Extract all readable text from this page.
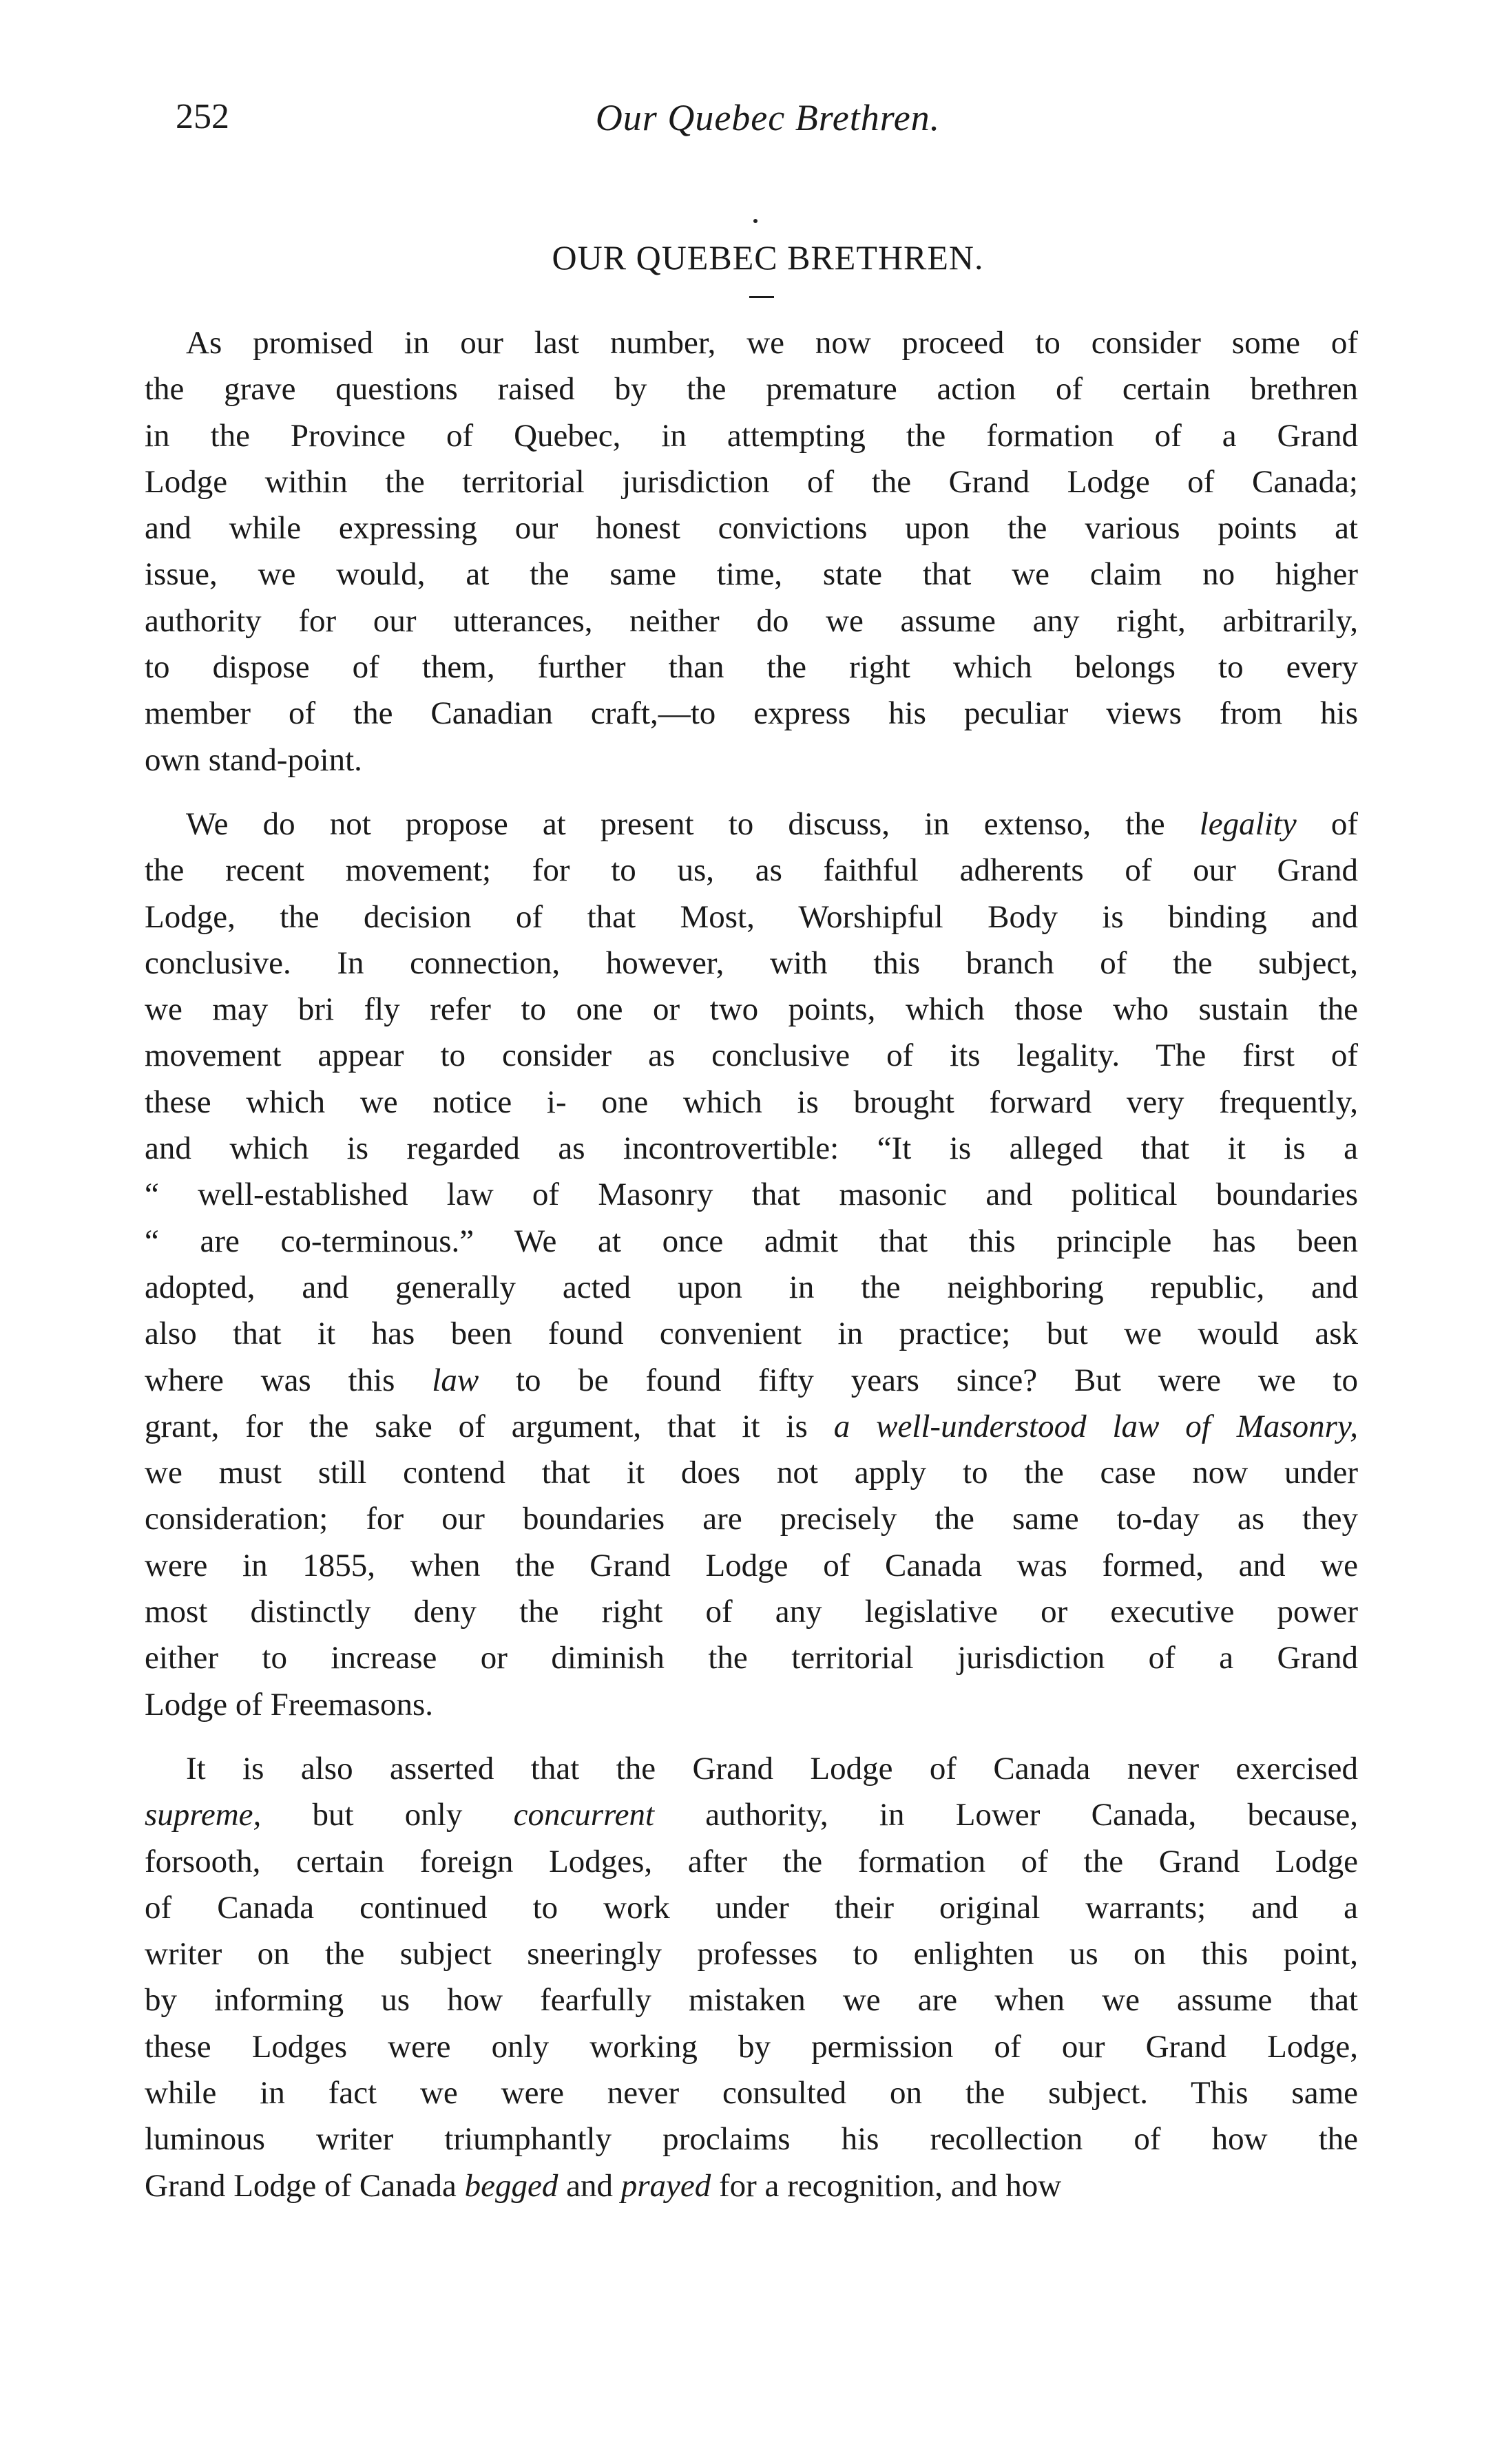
252	Our Quebec Brethren.
OUR QUEBEC BRETHREN.
As promised in our last number, we now proceed to consider some of
the grave questions raised by the premature action of certain brethren
in the Province of Quebec, in attempting the formation of a Grand
Lodge within the territorial jurisdiction of the Grand Lodge of Canada;
and while expressing our honest convictions upon the various points at
issue, we would, at the same time, state that we claim no higher
authority for our utterances, neither do we assume any right, arbitrarily,
to dispose of them, further than the right which belongs to every
member of the Canadian craft,—to express his peculiar views from his
own stand-point.
We do not propose at present to discuss, in extenso, the legality of
the recent movement; for to us, as faithful adherents of our Grand
Lodge, the decision of that Most, Worshipful Body is binding and
conclusive. In connection, however, with this branch of the subject,
we may bri fly refer to one or two points, which those who sustain the
movement appear to consider as conclusive of its legality. The first of
these which we notice i- one which is brought forward very frequently,
and which is regarded as incontrovertible: “It is alleged that it is a
“ well-established law of Masonry that masonic and political boundaries
“ are co-terminous.” We at once admit that this principle has been
adopted, and generally acted upon in the neighboring republic, and
also that it has been found convenient in practice; but we would ask
where was this law to be found fifty years since? But were we to
grant, for the sake of argument, that it is a well-understood law of Masonry,
we must still contend that it does not apply to the case now under
consideration; for our boundaries are precisely the same to-day as they
were in 1855, when the Grand Lodge of Canada was formed, and we
most distinctly deny the right of any legislative or executive power
either to increase or diminish the territorial jurisdiction of a Grand
Lodge of Freemasons.
It is also asserted that the Grand Lodge of Canada never exercised
supreme, but only concurrent authority, in Lower Canada, because,
forsooth, certain foreign Lodges, after the formation of the Grand Lodge
of Canada continued to work under their original warrants; and a
writer on the subject sneeringly professes to enlighten us on this point,
by informing us how fearfully mistaken we are when we assume that
these Lodges were only working by permission of our Grand Lodge,
while in fact we were never consulted on the subject. This same
luminous writer triumphantly proclaims his recollection of how the
Grand Lodge of Canada begged and prayed for a recognition, and how
